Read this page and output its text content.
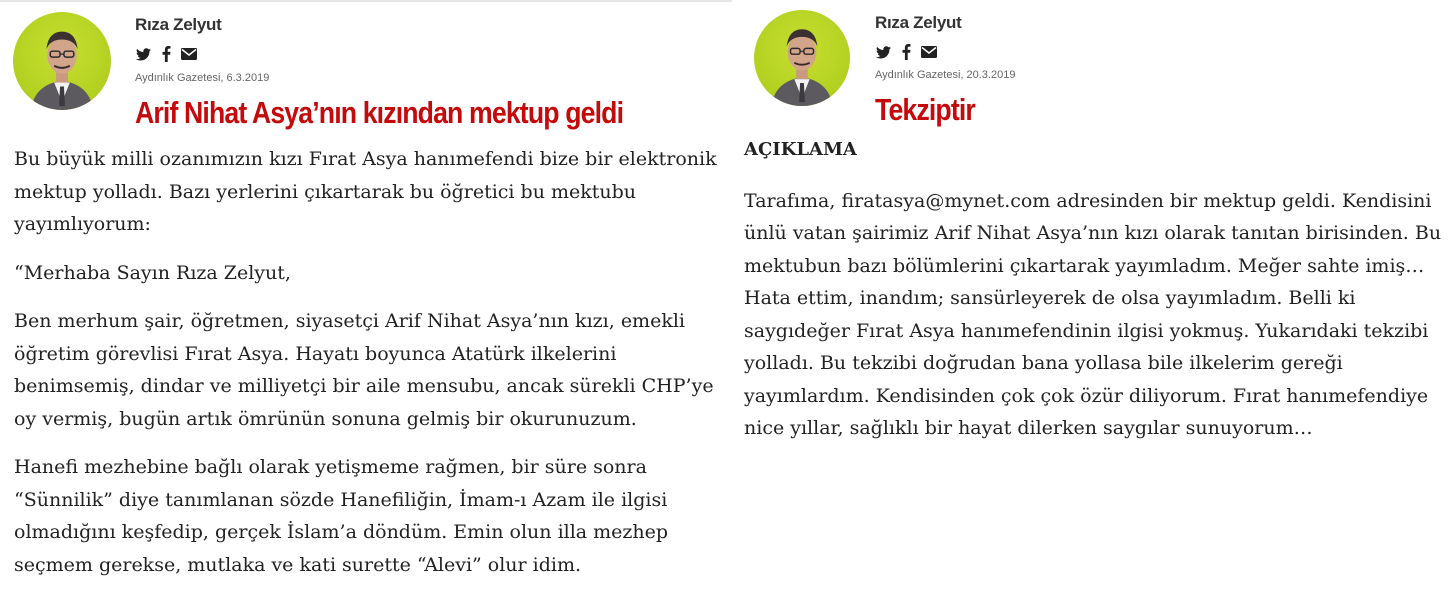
Rıza Zelyut
Aydınlık Gazetesi, 6.3.2019
Arif Nihat Asya’nın kızından mektup geldi

Bu büyük milli ozanımızın kızı Fırat Asya hanımefendi bize bir elektronik mektup yolladı. Bazı yerlerini çıkartarak bu öğretici bu mektubu yayımlıyorum:

“Merhaba Sayın Rıza Zelyut,

Ben merhum şair, öğretmen, siyasetçi Arif Nihat Asya’nın kızı, emekli öğretim görevlisi Fırat Asya. Hayatı boyunca Atatürk ilkelerini benimsemiş, dindar ve milliyetçi bir aile mensubu, ancak sürekli CHP’ye oy vermiş, bugün artık ömrünün sonuna gelmiş bir okurunuzum.

Hanefi mezhebine bağlı olarak yetişmeme rağmen, bir süre sonra “Sünnilik” diye tanımlanan sözde Hanefiliğin, İmam-ı Azam ile ilgisi olmadığını keşfedip, gerçek İslam’a döndüm. Emin olun illa mezhep seçmem gerekse, mutlaka ve kati surette “Alevi” olur idim.

Rıza Zelyut
Aydınlık Gazetesi, 20.3.2019
Tekziptir

AÇIKLAMA

Tarafıma, firatasya@mynet.com adresinden bir mektup geldi. Kendisini ünlü vatan şairimiz Arif Nihat Asya’nın kızı olarak tanıtan birisinden. Bu mektubun bazı bölümlerini çıkartarak yayımladım. Meğer sahte imiş… Hata ettim, inandım; sansürleyerek de olsa yayımladım. Belli ki saygıdeğer Fırat Asya hanımefendinin ilgisi yokmuş. Yukarıdaki tekzibi yolladı. Bu tekzibi doğrudan bana yollasa bile ilkelerim gereği yayımlardım. Kendisinden çok çok özür diliyorum. Fırat hanımefendiye nice yıllar, sağlıklı bir hayat dilerken saygılar sunuyorum…
